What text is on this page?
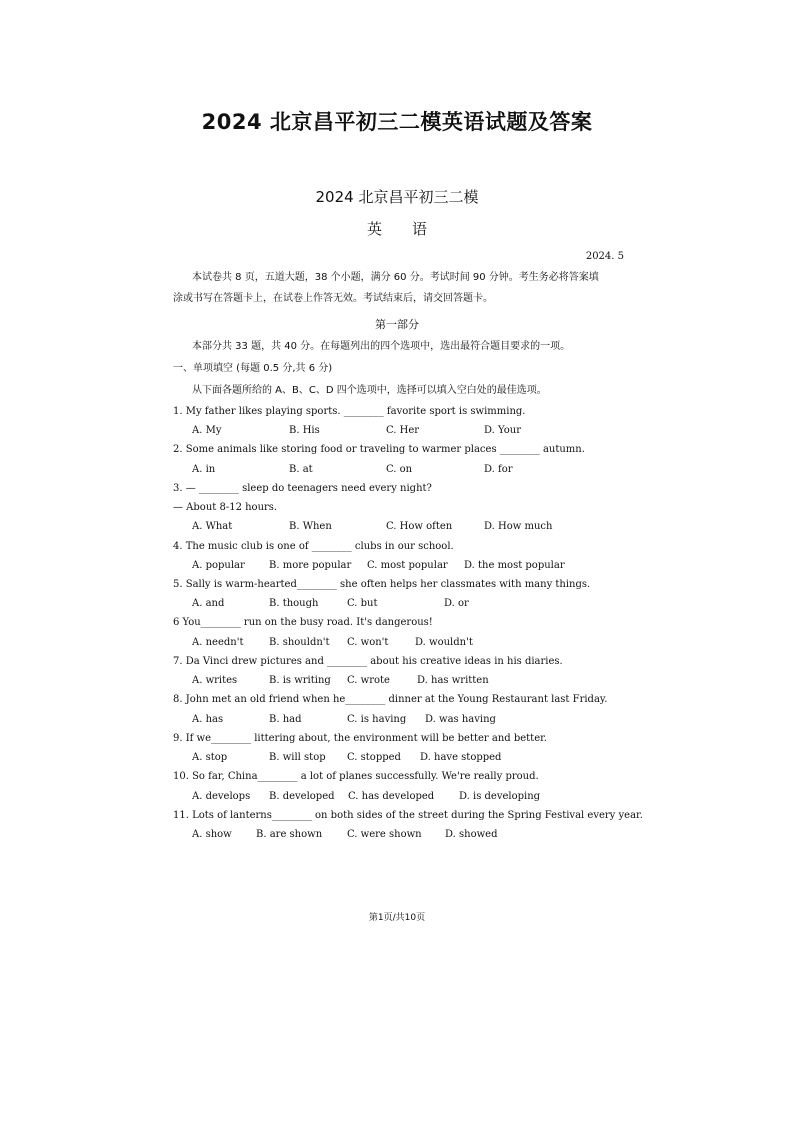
2024 北京昌平初三二模英语试题及答案
2024 北京昌平初三二模
英语
2024. 5
本试卷共 8 页，五道大题，38 个小题，满分 60 分。考试时间 90 分钟。考生务必将答案填
涂或书写在答题卡上，在试卷上作答无效。考试结束后，请交回答题卡。
第一部分
本部分共 33 题，共 40 分。在每题列出的四个选项中，选出最符合题目要求的一项。
一、单项填空 (每题 0.5 分,共 6 分)
从下面各题所给的 A、B、C、D 四个选项中，选择可以填入空白处的最佳选项。
1. My father likes playing sports. ________ favorite sport is swimming.
A. My	B. His	C. Her	D. Your
2. Some animals like storing food or traveling to warmer places ________ autumn.
A. in	B. at	C. on	D. for
3. — ________ sleep do teenagers need every night?
— About 8-12 hours.
A. What	B. When	C. How often	D. How much
4. The music club is one of ________ clubs in our school.
A. popular B. more popular C. most popular D. the most popular
5. Sally is warm-hearted________ she often helps her classmates with many things.
A. and	B. though	C. but	D. or
6 You________ run on the busy road. It's dangerous!
A. needn't	B. shouldn't C. won't	D. wouldn't
7. Da Vinci drew pictures and ________ about his creative ideas in his diaries.
A. writes	B. is writing C. wrote	D. has written
8. John met an old friend when he________ dinner at the Young Restaurant last Friday.
A. has	B. had	C. is having D. was having
9. If we________ littering about, the environment will be better and better.
A. stop	B. will stop C. stopped D. have stopped
10. So far, China________ a lot of planes successfully. We're really proud.
A. develops B. developed C. has developed D. is developing
11. Lots of lanterns________ on both sides of the street during the Spring Festival every year.
A. show B. are shown C. were shown D. showed
第1页/共10页
